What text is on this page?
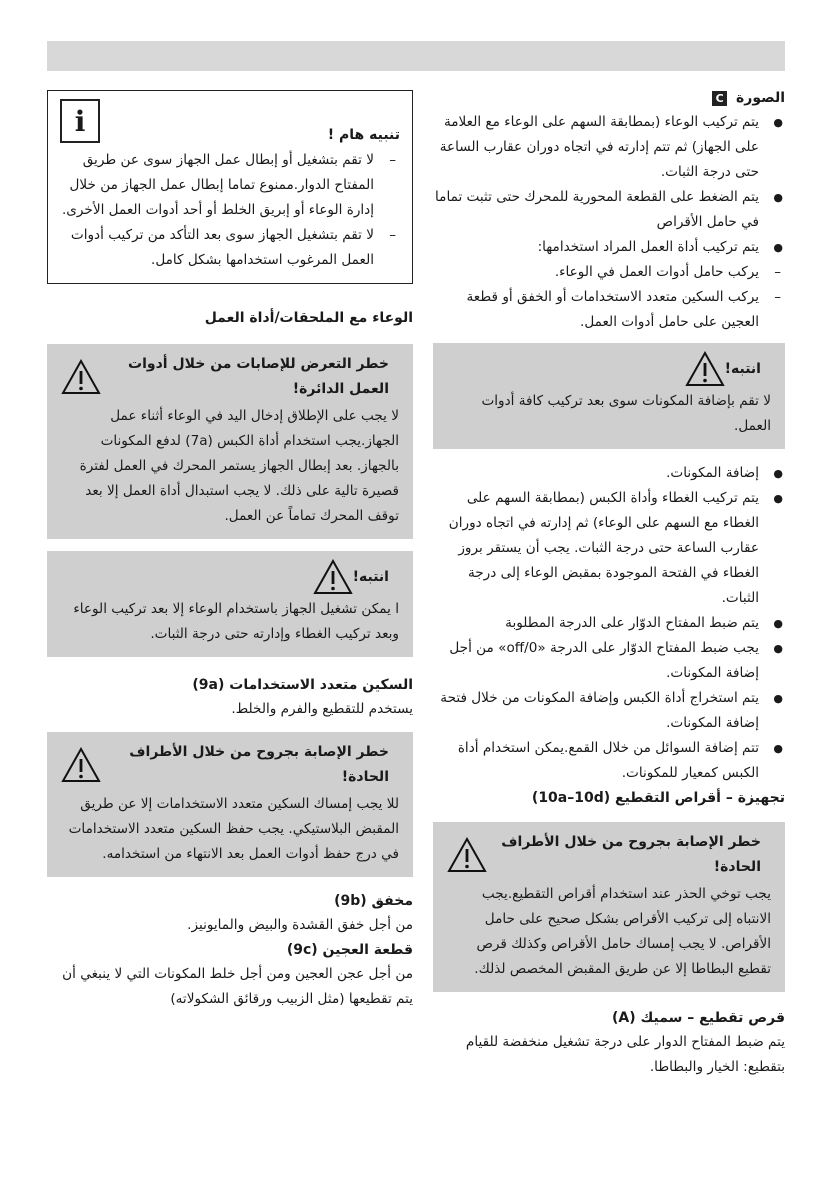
الصورة C

● يتم تركيب الوعاء (بمطابقة السهم على الوعاء مع العلامة على الجهاز) ثم تتم إدارته في اتجاه دوران عقارب الساعة حتى درجة الثبات.
● يتم الضغط على القطعة المحورية للمحرك حتى تثبت تماما في حامل الأقراص
● يتم تركيب أداة العمل المراد استخدامها:
– يركب حامل أدوات العمل في الوعاء.
– يركب السكين متعدد الاستخدامات أو الخفق أو قطعة العجين على حامل أدوات العمل.
انتبه!
لا تقم بإضافة المكونات سوى بعد تركيب كافة أدوات العمل.
● إضافة المكونات.
● يتم تركيب الغطاء وأداة الكبس (بمطابقة السهم على الغطاء مع السهم على الوعاء) ثم إدارته في اتجاه دوران عقارب الساعة حتى درجة الثبات. يجب أن يستقر بروز الغطاء في الفتحة الموجودة بمقبض الوعاء إلى درجة الثبات.
● يتم ضبط المفتاح الدوّار على الدرجة المطلوبة
● يجب ضبط المفتاح الدوّار على الدرجة «0/off» من أجل إضافة المكونات.
● يتم استخراج أداة الكبس وإضافة المكونات من خلال فتحة إضافة المكونات.
● تتم إضافة السوائل من خلال القمع.يمكن استخدام أداة الكبس كمعيار للمكونات.

تجهيزة – أقراص التقطيع (10a–10d)

خطر الإصابة بجروح من خلال الأطراف الحادة!
يجب توخي الحذر عند استخدام أقراص التقطيع.يجب الانتباه إلى تركيب الأقراص بشكل صحيح على حامل الأقراص. لا يجب إمساك حامل الأقراص وكذلك قرص تقطيع البطاطا إلا عن طريق المقبض المخصص لذلك.

قرص تقطيع – سميك (A)

يتم ضبط المفتاح الدوار على درجة تشغيل منخفضة للقيام بتقطيع: الخيار والبطاطا.

i	تنبيه هام !
– لا تقم بتشغيل أو إبطال عمل الجهاز سوى عن طريق المفتاح الدوار.ممنوع تماما إبطال عمل الجهاز من خلال إدارة الوعاء أو إبريق الخلط أو أحد أدوات العمل الأخرى.
– لا تقم بتشغيل الجهاز سوى بعد التأكد من تركيب أدوات العمل المرغوب استخدامها بشكل كامل.

الوعاء مع الملحقات/أداة العمل

خطر التعرض للإصابات من خلال أدوات العمل الدائرة!
لا يجب على الإطلاق إدخال اليد في الوعاء أثناء عمل الجهاز.يجب استخدام أداة الكبس (7a) لدفع المكونات بالجهاز. بعد إبطال الجهاز يستمر المحرك في العمل لفترة قصيرة تالية على ذلك. لا يجب استبدال أداة العمل إلا بعد توقف المحرك تماماً عن العمل.
انتبه!
ا يمكن تشغيل الجهاز باستخدام الوعاء إلا بعد تركيب الوعاء وبعد تركيب الغطاء وإدارته حتى درجة الثبات.

السكين متعدد الاستخدامات (9a)

يستخدم للتقطيع والفرم والخلط.

خطر الإصابة بجروح من خلال الأطراف الحادة!
للا يجب إمساك السكين متعدد الاستخدامات إلا عن طريق المقبض البلاستيكي. يجب حفظ السكين متعدد الاستخدامات في درج حفظ أدوات العمل بعد الانتهاء من استخدامه.

مخفق (9b)

من أجل خفق القشدة والبيض والمايونيز.

قطعة العجين (9c)

من أجل عجن العجين ومن أجل خلط المكونات التي لا ينبغي أن يتم تقطيعها (مثل الزبيب ورقائق الشكولاته)
